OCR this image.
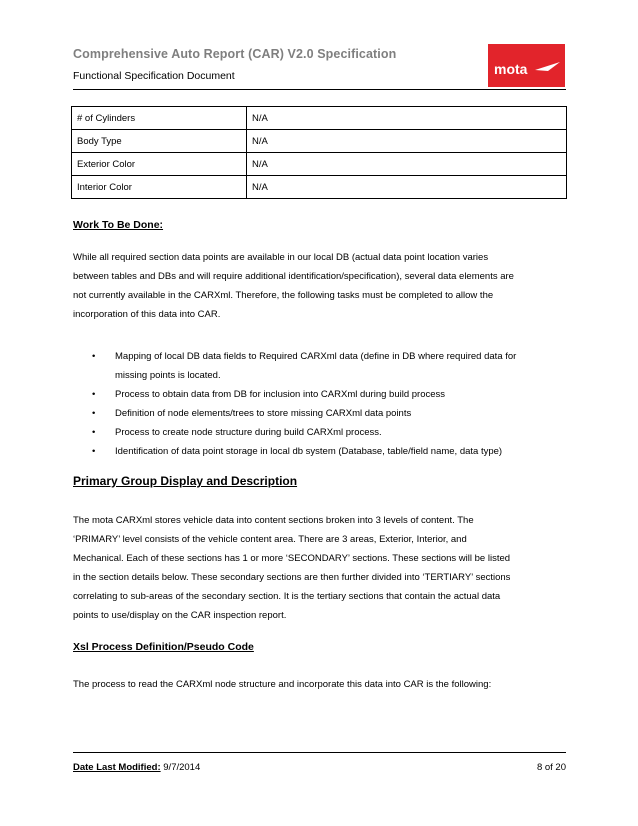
Comprehensive Auto Report (CAR) V2.0 Specification
Functional Specification Document	mota
# of Cylinders	N/A
Body Type	N/A
Exterior Color	N/A
Interior Color	N/A
Work To Be Done:
While all required section data points are available in our local DB (actual data point location varies
between tables and DBs and will require additional identification/specification), several data elements are
not currently available in the CARXml. Therefore, the following tasks must be completed to allow the
incorporation of this data into CAR.
• Mapping of local DB data fields to Required CARXml data (define in DB where required data for
missing points is located.
• Process to obtain data from DB for inclusion into CARXml during build process
• Definition of node elements/trees to store missing CARXml data points
• Process to create node structure during build CARXml process.
• Identification of data point storage in local db system (Database, table/field name, data type)
Primary Group Display and Description
The mota CARXml stores vehicle data into content sections broken into 3 levels of content. The
‘PRIMARY’ level consists of the vehicle content area. There are 3 areas, Exterior, Interior, and
Mechanical. Each of these sections has 1 or more ‘SECONDARY’ sections. These sections will be listed
in the section details below. These secondary sections are then further divided into ‘TERTIARY’ sections
correlating to sub-areas of the secondary section. It is the tertiary sections that contain the actual data
points to use/display on the CAR inspection report.
Xsl Process Definition/Pseudo Code
The process to read the CARXml node structure and incorporate this data into CAR is the following:
Date Last Modified: 9/7/2014	8 of 20
